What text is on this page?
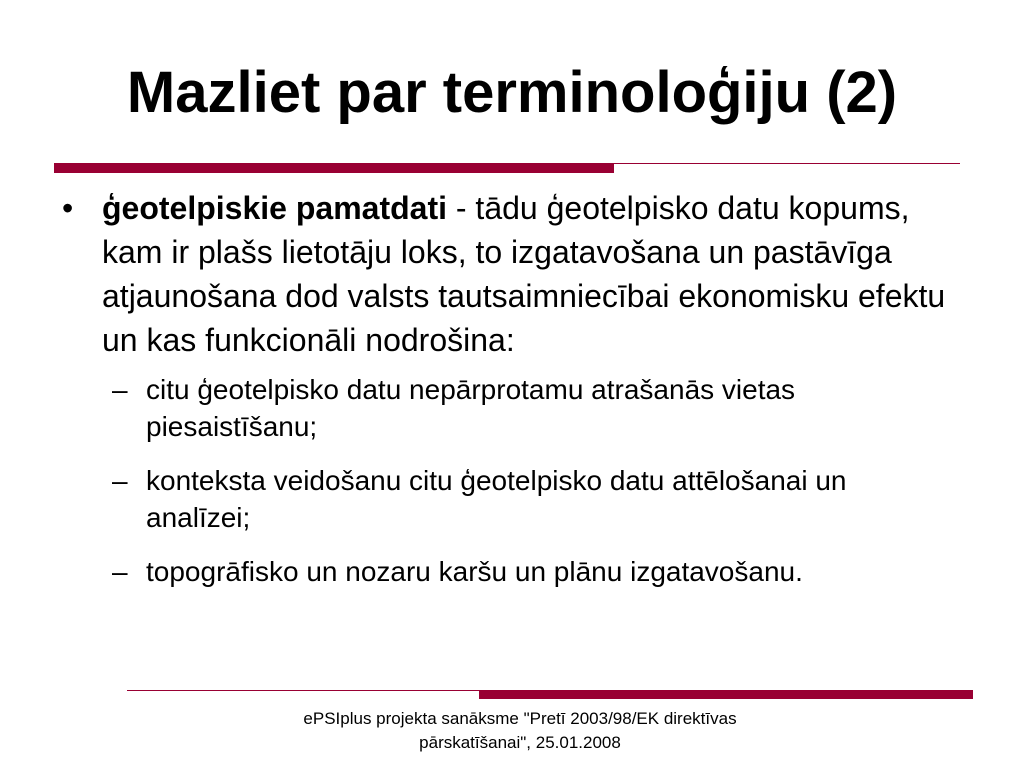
Mazliet par terminoloģiju (2)
• ģeotelpiskie pamatdati - tādu ģeotelpisko datu kopums, kam ir plašs lietotāju loks, to izgatavošana un pastāvīga atjaunošana dod valsts tautsaimniecībai ekonomisku efektu un kas funkcionāli nodrošina:
– citu ģeotelpisko datu nepārprotamu atrašanās vietas piesaistīšanu;
– konteksta veidošanu citu ģeotelpisko datu attēlošanai un analīzei;
– topogrāfisko un nozaru karšu un plānu izgatavošanu.
ePSIplus projekta sanāksme "Pretī 2003/98/EK direktīvas
pārskatīšanai", 25.01.2008
